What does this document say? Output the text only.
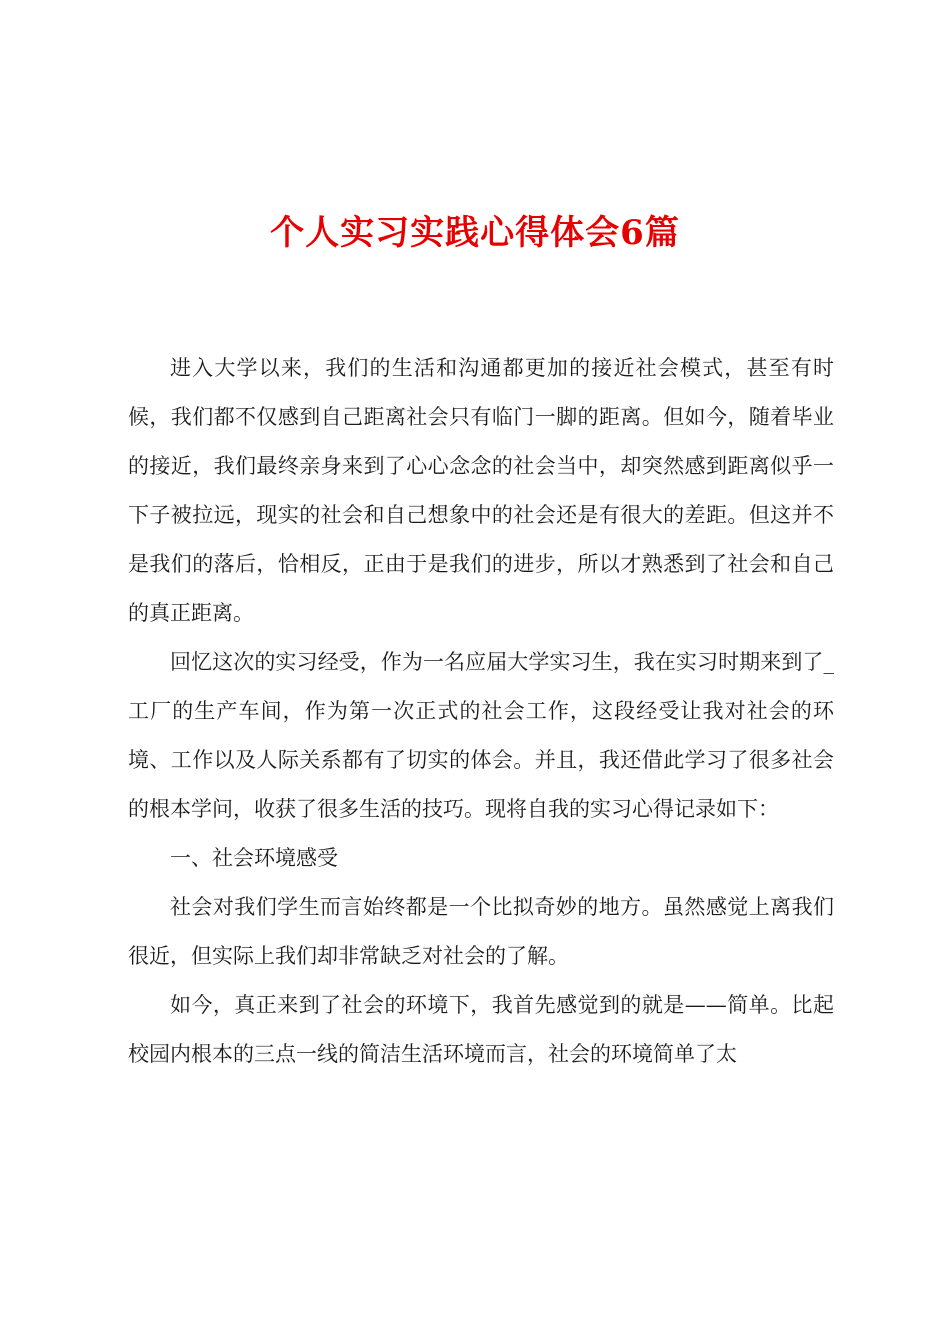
个人实习实践心得体会6篇

进入大学以来，我们的生活和沟通都更加的接近社会模式，甚至有时候，我们都不仅感到自己距离社会只有临门一脚的距离。但如今，随着毕业的接近，我们最终亲身来到了心心念念的社会当中，却突然感到距离似乎一下子被拉远，现实的社会和自己想象中的社会还是有很大的差距。但这并不是我们的落后，恰相反，正由于是我们的进步，所以才熟悉到了社会和自己的真正距离。

回忆这次的实习经受，作为一名应届大学实习生，我在实习时期来到了_工厂的生产车间，作为第一次正式的社会工作，这段经受让我对社会的环境、工作以及人际关系都有了切实的体会。并且，我还借此学习了很多社会的根本学问，收获了很多生活的技巧。现将自我的实习心得记录如下：

一、社会环境感受

社会对我们学生而言始终都是一个比拟奇妙的地方。虽然感觉上离我们很近，但实际上我们却非常缺乏对社会的了解。

如今，真正来到了社会的环境下，我首先感觉到的就是——简单。比起校园内根本的三点一线的简洁生活环境而言，社会的环境简单了太
